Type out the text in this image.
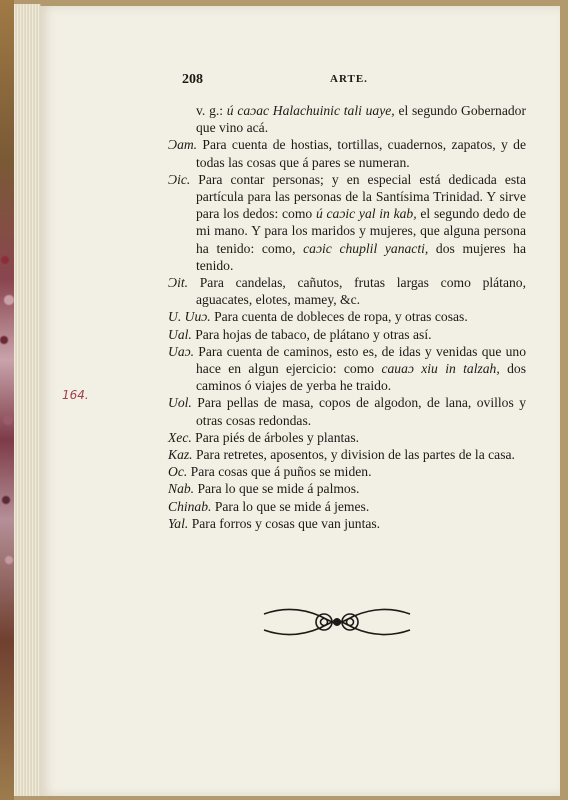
208	ARTE.

v. g.: ú caɔac Halachuinic tali uaye, el segundo Gobernador que vino acá.

Ɔam. Para cuenta de hostias, tortillas, cuadernos, zapatos, y de todas las cosas que á pares se numeran.

Ɔic. Para contar personas; y en especial está dedicada esta partícula para las personas de la Santísima Trinidad. Y sirve para los dedos: como ú caɔic yal in kab, el segundo dedo de mi mano. Y para los maridos y mujeres, que alguna persona ha tenido: como, caɔic chuplil yanacti, dos mujeres ha tenido.

Ɔit. Para candelas, cañutos, frutas largas como plátano, aguacates, elotes, mamey, &c.

U. Uuɔ. Para cuenta de dobleces de ropa, y otras cosas.

Ual. Para hojas de tabaco, de plátano y otras así.

Uaɔ. Para cuenta de caminos, esto es, de idas y venidas que uno hace en algun ejercicio: como cauaɔ xiu in talzah, dos caminos ó viajes de yerba he traido.

Uol. Para pellas de masa, copos de algodon, de lana, ovillos y otras cosas redondas.

Xec. Para piés de árboles y plantas.

Kaz. Para retretes, aposentos, y division de las partes de la casa.

Oc. Para cosas que á puños se miden.

Nab. Para lo que se mide á palmos.

Chinab. Para lo que se mide á jemes.

Yal. Para forros y cosas que van juntas.

164.
